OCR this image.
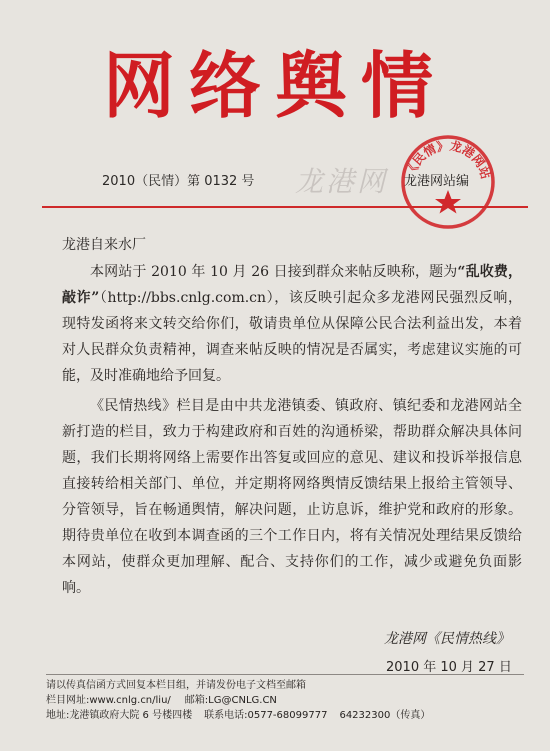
网络舆情
2010（民情）第 0132 号 龙港网 《民情》龙港网站
龙港网站编
龙港自来水厂

本网站于 2010 年 10 月 26 日接到群众来帖反映称，题为“乱收费，敲诈”（http://bbs.cnlg.com.cn），该反映引起众多龙港网民强烈反响，现特发函将来文转交给你们，敬请贵单位从保障公民合法利益出发，本着对人民群众负责精神，调查来帖反映的情况是否属实，考虑建议实施的可能，及时准确地给予回复。

《民情热线》栏目是由中共龙港镇委、镇政府、镇纪委和龙港网站全新打造的栏目，致力于构建政府和百姓的沟通桥梁，帮助群众解决具体问题，我们长期将网络上需要作出答复或回应的意见、建议和投诉举报信息直接转给相关部门、单位，并定期将网络舆情反馈结果上报给主管领导、分管领导，旨在畅通舆情，解决问题，止访息诉，维护党和政府的形象。期待贵单位在收到本调查函的三个工作日内，将有关情况处理结果反馈给本网站，使群众更加理解、配合、支持你们的工作，减少或避免负面影响。

龙港网《民情热线》
2010 年 10 月 27 日
请以传真信函方式回复本栏目组，并请发份电子文档至邮箱
栏目网址:www.cnlg.cn/liu/ 邮箱:LG@CNLG.CN
地址:龙港镇政府大院 6 号楼四楼 联系电话:0577-68099777 64232300（传真）
